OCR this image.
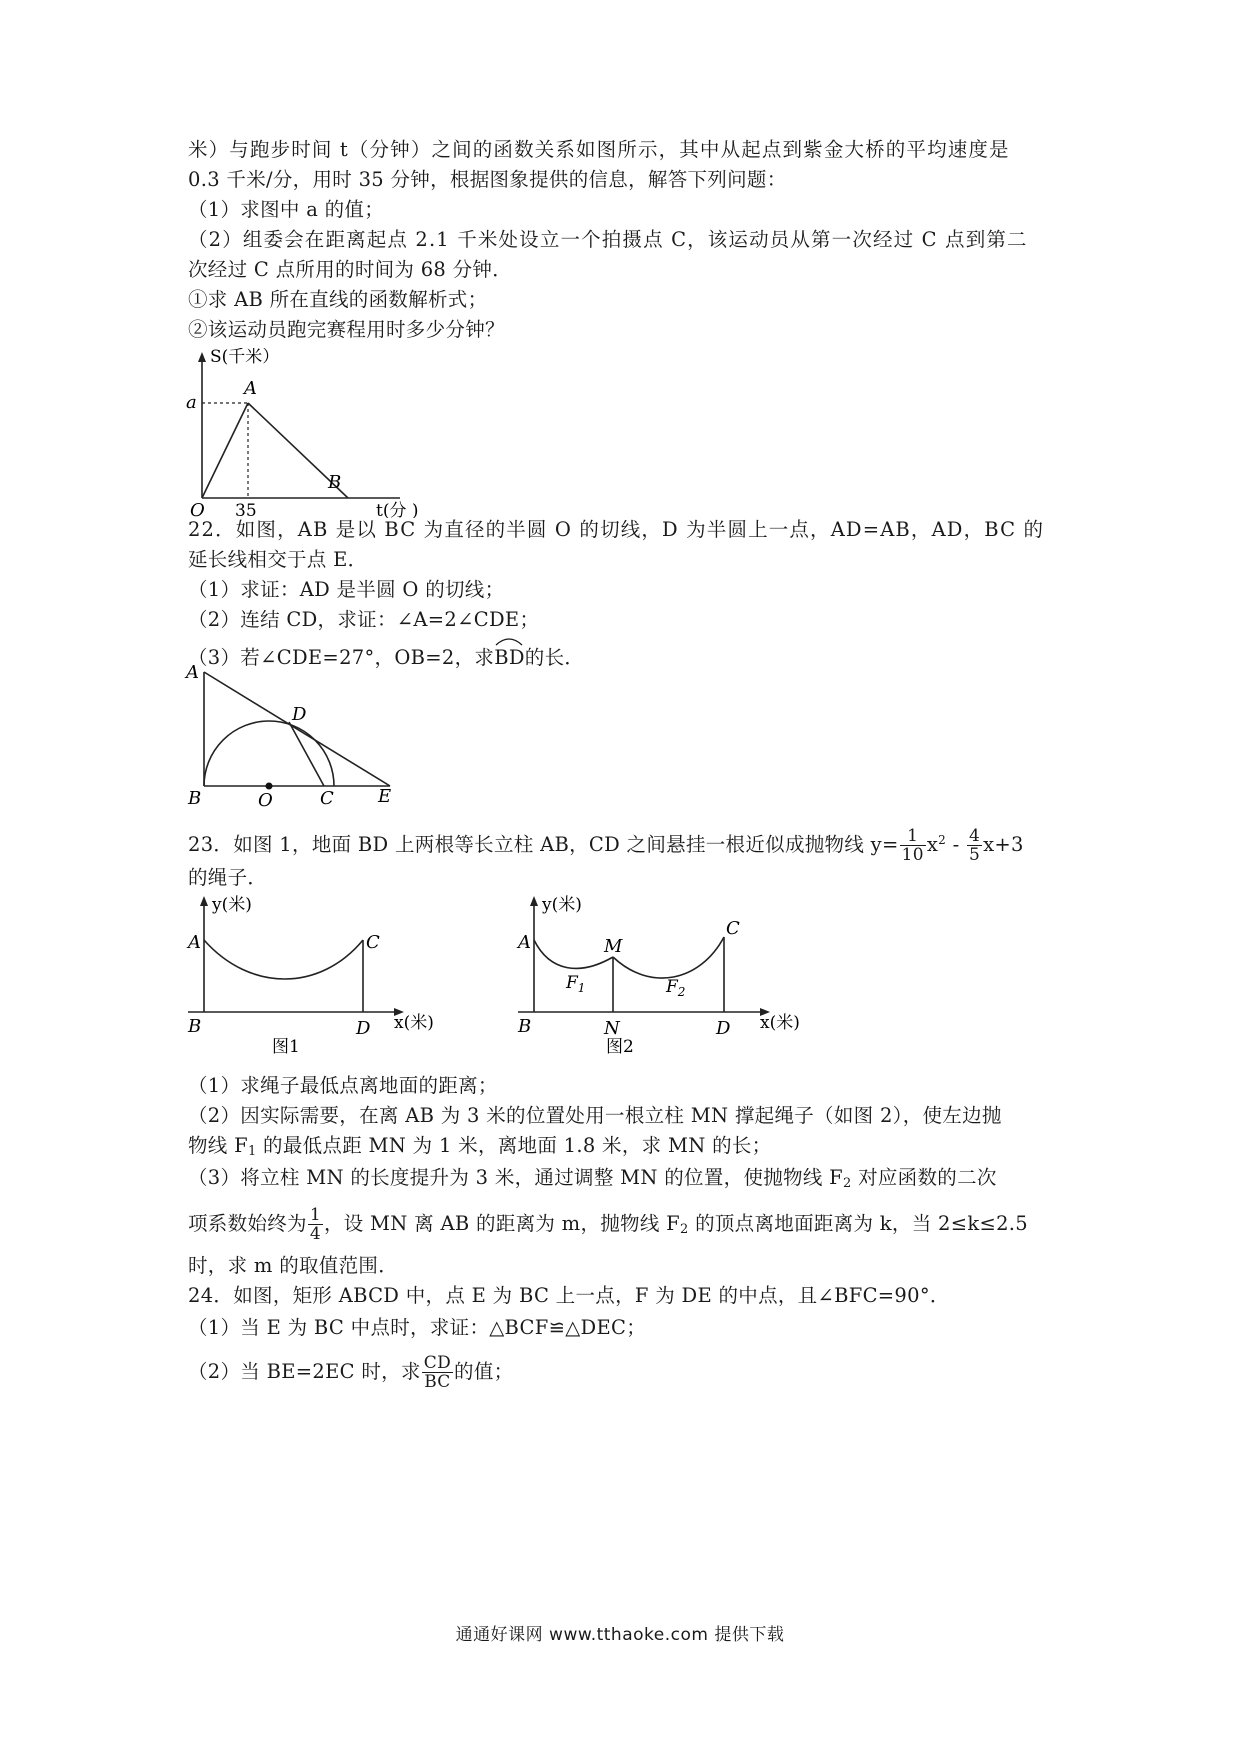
米）与跑步时间 t（分钟）之间的函数关系如图所示，其中从起点到紫金大桥的平均速度是
0.3 千米/分，用时 35 分钟，根据图象提供的信息，解答下列问题：
（1）求图中 a 的值；
（2）组委会在距离起点 2.1 千米处设立一个拍摄点 C，该运动员从第一次经过 C 点到第二
次经过 C 点所用的时间为 68 分钟．
①求 AB 所在直线的函数解析式；
②该运动员跑完赛程用时多少分钟？
S(千米）
a
A
B
O 35	t(分 )
22．如图，AB 是以 BC 为直径的半圆 O 的切线，D 为半圆上一点，AD=AB，AD，BC 的
延长线相交于点 E．
（1）求证：AD 是半圆 O 的切线；
（2）连结 CD，求证：∠A=2∠CDE；
（3）若∠CDE=27°，OB=2，求
BD的长．
A
B	O	C
D
E
23．如图 1，地面 BD 上两根等长立柱 AB，CD 之间悬挂一根近似成抛物线 $y= \frac{1}{10} x^2 - \frac{4}{5} x+3$
的绳子．
y(米)
A	C
B	D x(米)
图1
y(米)
A
C
M
B	N	D
$F_1$	$F_2$
x(米)
图2
（1）求绳子最低点离地面的距离；
（2）因实际需要，在离 AB 为 3 米的位置处用一根立柱 MN 撑起绳子（如图 2），使左边抛
物线 $F_1$ 的最低点距 MN 为 1 米，离地面 1.8 米，求 MN 的长；
（3）将立柱 MN 的长度提升为 3 米，通过调整 MN 的位置，使抛物线 $F_2$ 对应函数的二次
项系数始终为 $\frac{1}{4}$ ，设 MN 离 AB 的距离为 m，抛物线 $F_2$ 的顶点离地面距离为 k，当 2≤k≤2.5
时，求 m 的取值范围．
24．如图，矩形 ABCD 中，点 E 为 BC 上一点，F 为 DE 的中点，且∠BFC=90°．
（1）当 E 为 BC 中点时，求证：△BCF≌△DEC；
（2）当 BE=2EC 时，求 $\frac{CD}{BC}$ 的值；
通通好课网 www.tthaoke.com 提供下载
